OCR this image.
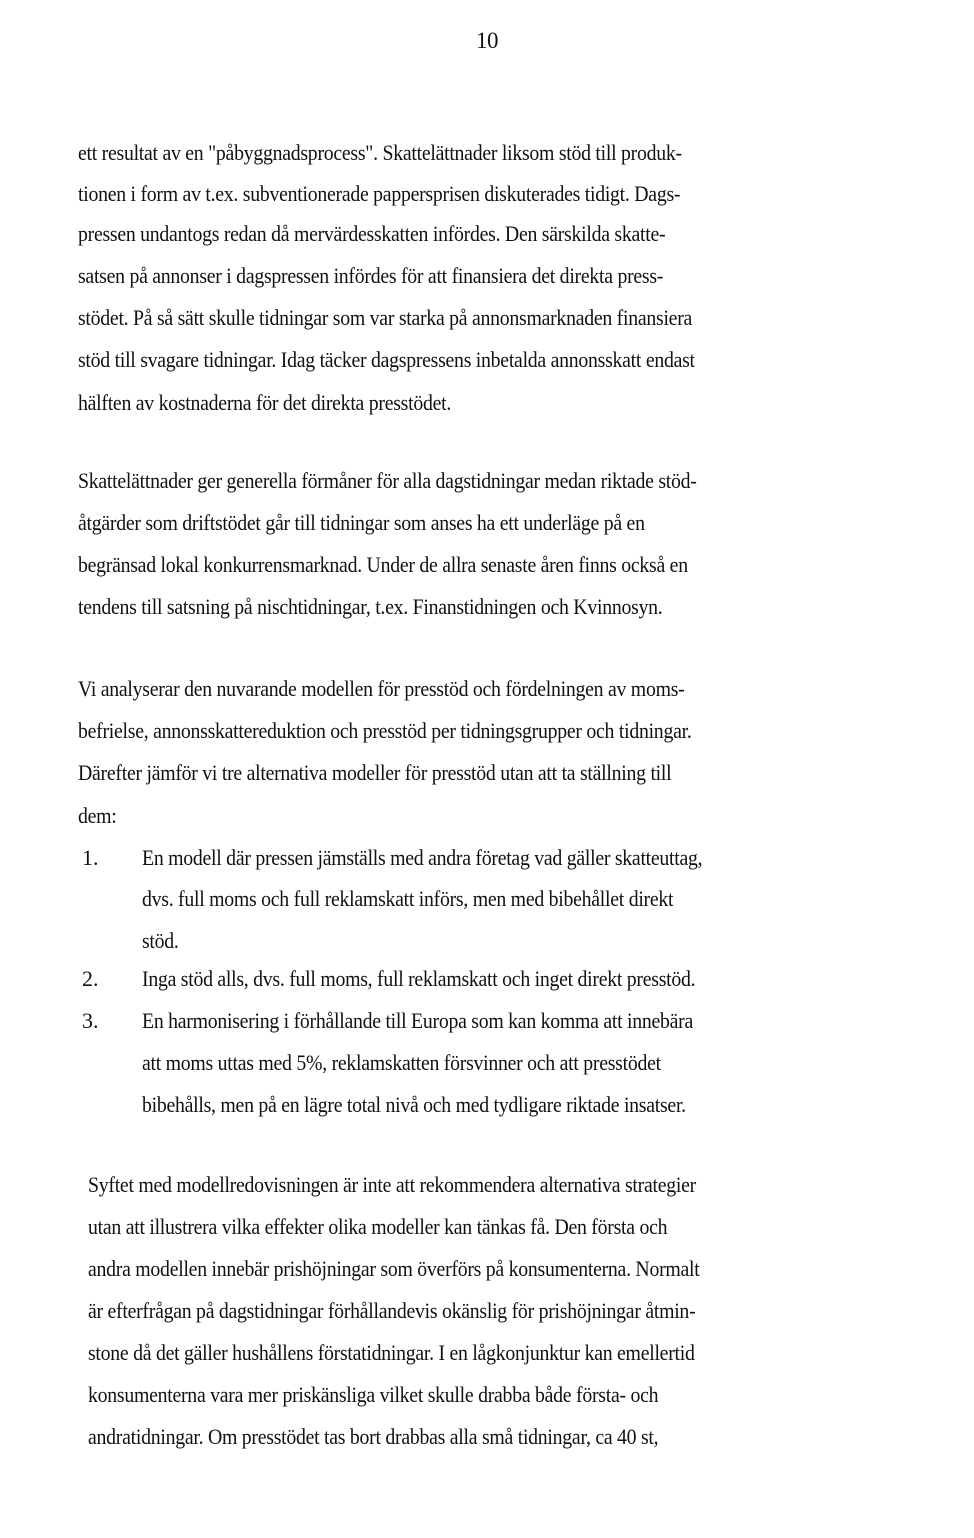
10
ett resultat av en "påbyggnadsprocess". Skattelättnader liksom stöd till produk-
tionen i form av t.ex. subventionerade pappersprisen diskuterades tidigt. Dags-
pressen undantogs redan då mervärdesskatten infördes. Den särskilda skatte-
satsen på annonser i dagspressen infördes för att finansiera det direkta press-
stödet. På så sätt skulle tidningar som var starka på annonsmarknaden finansiera
stöd till svagare tidningar. Idag täcker dagspressens inbetalda annonsskatt endast
hälften av kostnaderna för det direkta presstödet.
Skattelättnader ger generella förmåner för alla dagstidningar medan riktade stöd-
åtgärder som driftstödet går till tidningar som anses ha ett underläge på en
begränsad lokal konkurrensmarknad. Under de allra senaste åren finns också en
tendens till satsning på nischtidningar, t.ex. Finanstidningen och Kvinnosyn.
Vi analyserar den nuvarande modellen för presstöd och fördelningen av moms-
befrielse, annonsskattereduktion och presstöd per tidningsgrupper och tidningar.
Därefter jämför vi tre alternativa modeller för presstöd utan att ta ställning till
dem:
1. En modell där pressen jämställs med andra företag vad gäller skatteuttag,
dvs. full moms och full reklamskatt införs, men med bibehållet direkt
stöd.
2. Inga stöd alls, dvs. full moms, full reklamskatt och inget direkt presstöd.
3. En harmonisering i förhållande till Europa som kan komma att innebära
att moms uttas med 5%, reklamskatten försvinner och att presstödet
bibehålls, men på en lägre total nivå och med tydligare riktade insatser.
Syftet med modellredovisningen är inte att rekommendera alternativa strategier
utan att illustrera vilka effekter olika modeller kan tänkas få. Den första och
andra modellen innebär prishöjningar som överförs på konsumenterna. Normalt
är efterfrågan på dagstidningar förhållandevis okänslig för prishöjningar åtmin-
stone då det gäller hushållens förstatidningar. I en lågkonjunktur kan emellertid
konsumenterna vara mer priskänsliga vilket skulle drabba både första- och
andratidningar. Om presstödet tas bort drabbas alla små tidningar, ca 40 st,
